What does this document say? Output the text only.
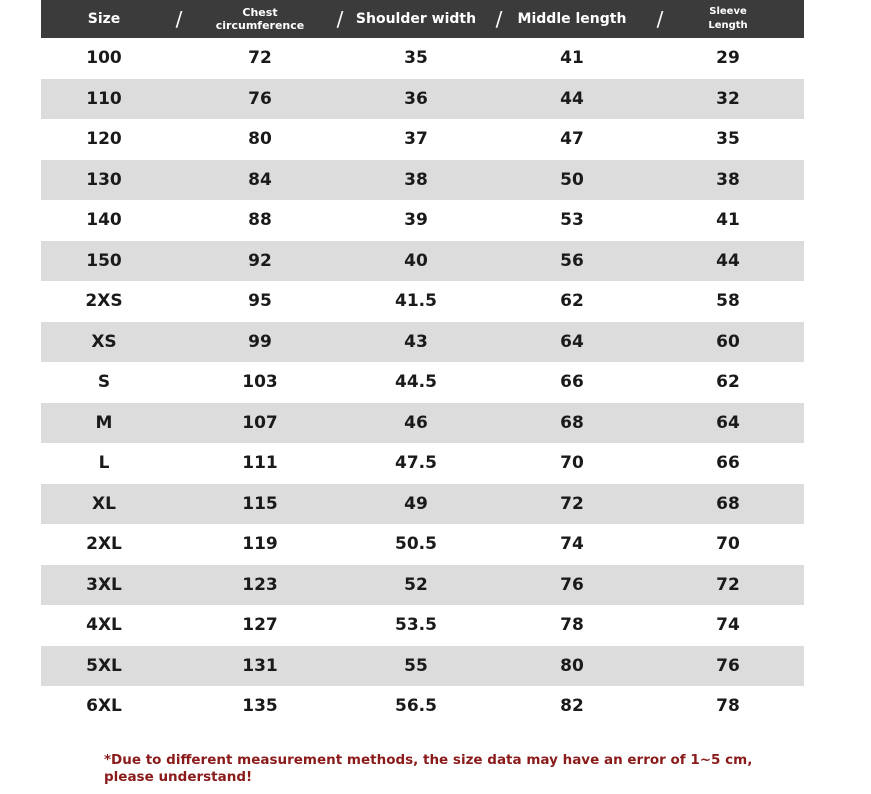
Size	/	Chest circumference	/ Shoulder width /	Middle length	/	Sleeve
Length
100	72	35	41	29
110	76	36	44	32
120	80	37	47	35
130	84	38	50	38
140	88	39	53	41
150	92	40	56	44
2XS	95	41.5	62	58
XS	99	43	64	60
S	103	44.5	66	62
M	107	46	68	64
L	111	47.5	70	66
XL	115	49	72	68
2XL	119	50.5	74	70
3XL	123	52	76	72
4XL	127	53.5	78	74
5XL	131	55	80	76
6XL	135	56.5	82	78
*Due to different measurement methods, the size data may have an error of 1~5 cm, please understand!
